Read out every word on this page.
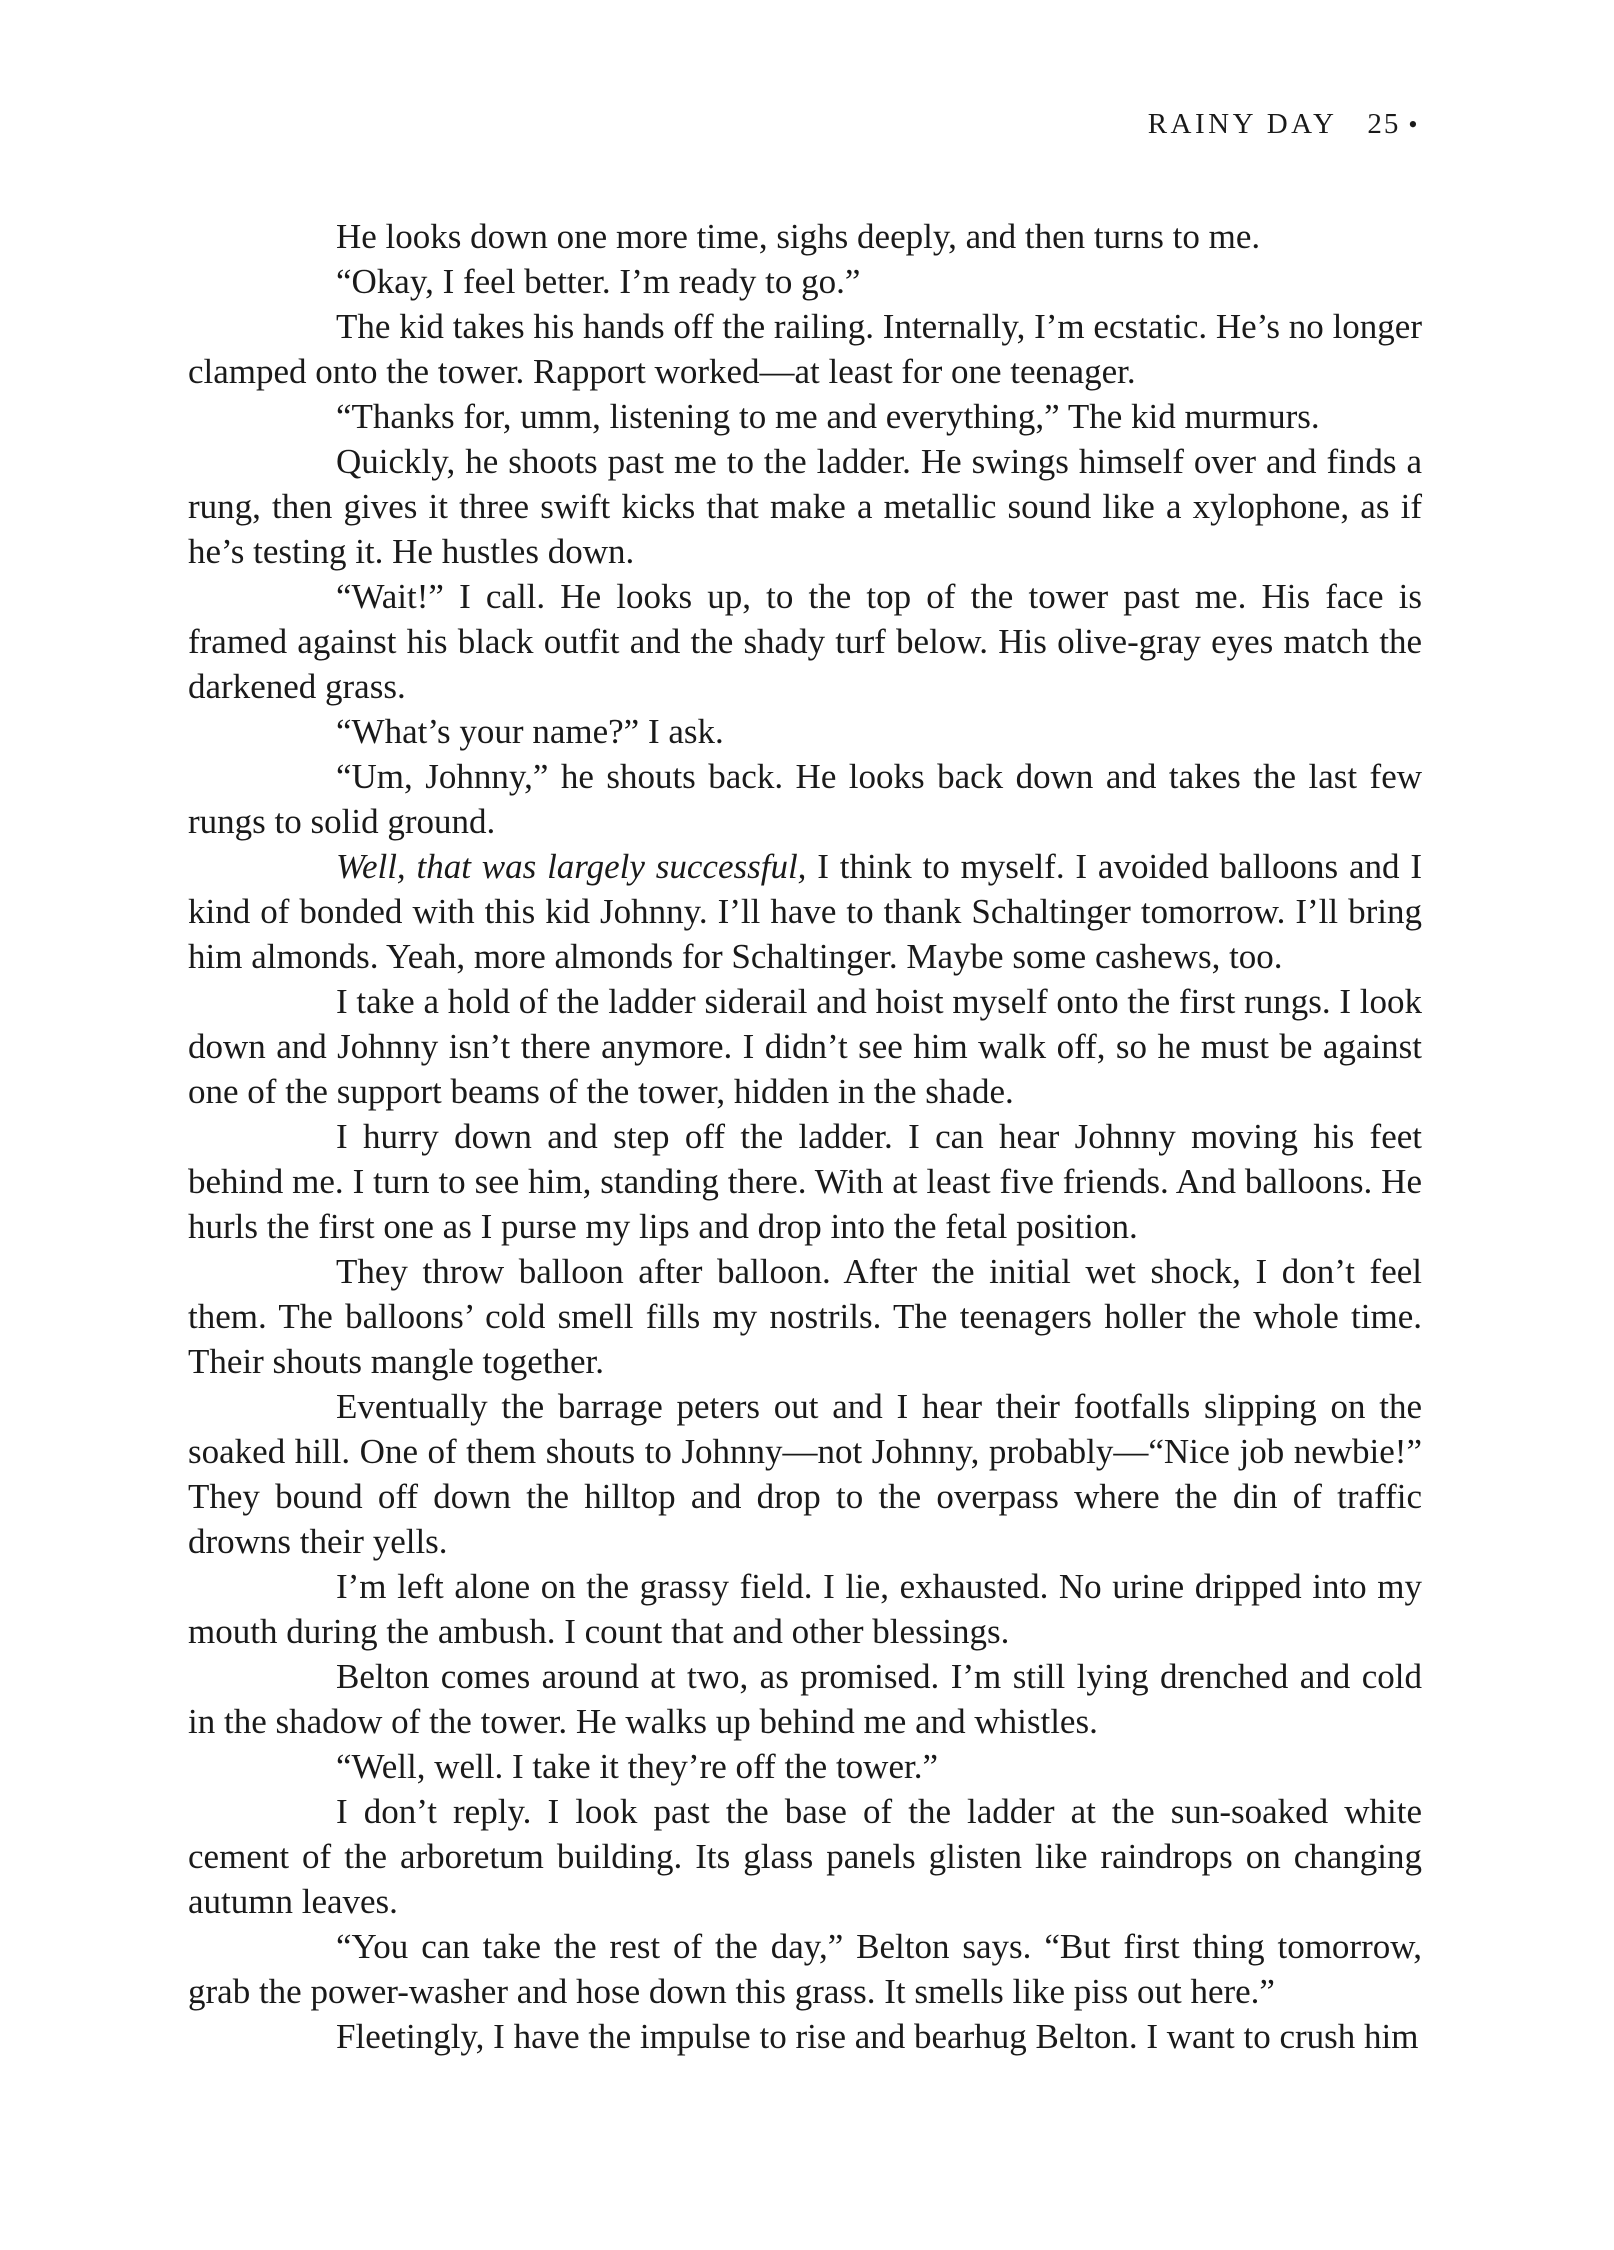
RAINY DAY 25 •

He looks down one more time, sighs deeply, and then turns to me.

“Okay, I feel better. I’m ready to go.”

The kid takes his hands off the railing. Internally, I’m ecstatic. He’s no longer clamped onto the tower. Rapport worked—at least for one teenager.

“Thanks for, umm, listening to me and everything,” The kid murmurs.

Quickly, he shoots past me to the ladder. He swings himself over and finds a rung, then gives it three swift kicks that make a metallic sound like a xylophone, as if he’s testing it. He hustles down.

“Wait!” I call. He looks up, to the top of the tower past me. His face is framed against his black outfit and the shady turf below. His olive-gray eyes match the darkened grass.

“What’s your name?” I ask.

“Um, Johnny,” he shouts back. He looks back down and takes the last few rungs to solid ground.

Well, that was largely successful, I think to myself. I avoided balloons and I kind of bonded with this kid Johnny. I’ll have to thank Schaltinger tomorrow. I’ll bring him almonds. Yeah, more almonds for Schaltinger. Maybe some cashews, too.

I take a hold of the ladder siderail and hoist myself onto the first rungs. I look down and Johnny isn’t there anymore. I didn’t see him walk off, so he must be against one of the support beams of the tower, hidden in the shade.

I hurry down and step off the ladder. I can hear Johnny moving his feet behind me. I turn to see him, standing there. With at least five friends. And balloons. He hurls the first one as I purse my lips and drop into the fetal position.

They throw balloon after balloon. After the initial wet shock, I don’t feel them. The balloons’ cold smell fills my nostrils. The teenagers holler the whole time. Their shouts mangle together.

Eventually the barrage peters out and I hear their footfalls slipping on the soaked hill. One of them shouts to Johnny—not Johnny, probably—“Nice job newbie!” They bound off down the hilltop and drop to the overpass where the din of traffic drowns their yells.

I’m left alone on the grassy field. I lie, exhausted. No urine dripped into my mouth during the ambush. I count that and other blessings.

Belton comes around at two, as promised. I’m still lying drenched and cold in the shadow of the tower. He walks up behind me and whistles.

“Well, well. I take it they’re off the tower.”

I don’t reply. I look past the base of the ladder at the sun-soaked white cement of the arboretum building. Its glass panels glisten like raindrops on changing autumn leaves.

“You can take the rest of the day,” Belton says. “But first thing tomorrow, grab the power-washer and hose down this grass. It smells like piss out here.”

Fleetingly, I have the impulse to rise and bearhug Belton. I want to crush him
